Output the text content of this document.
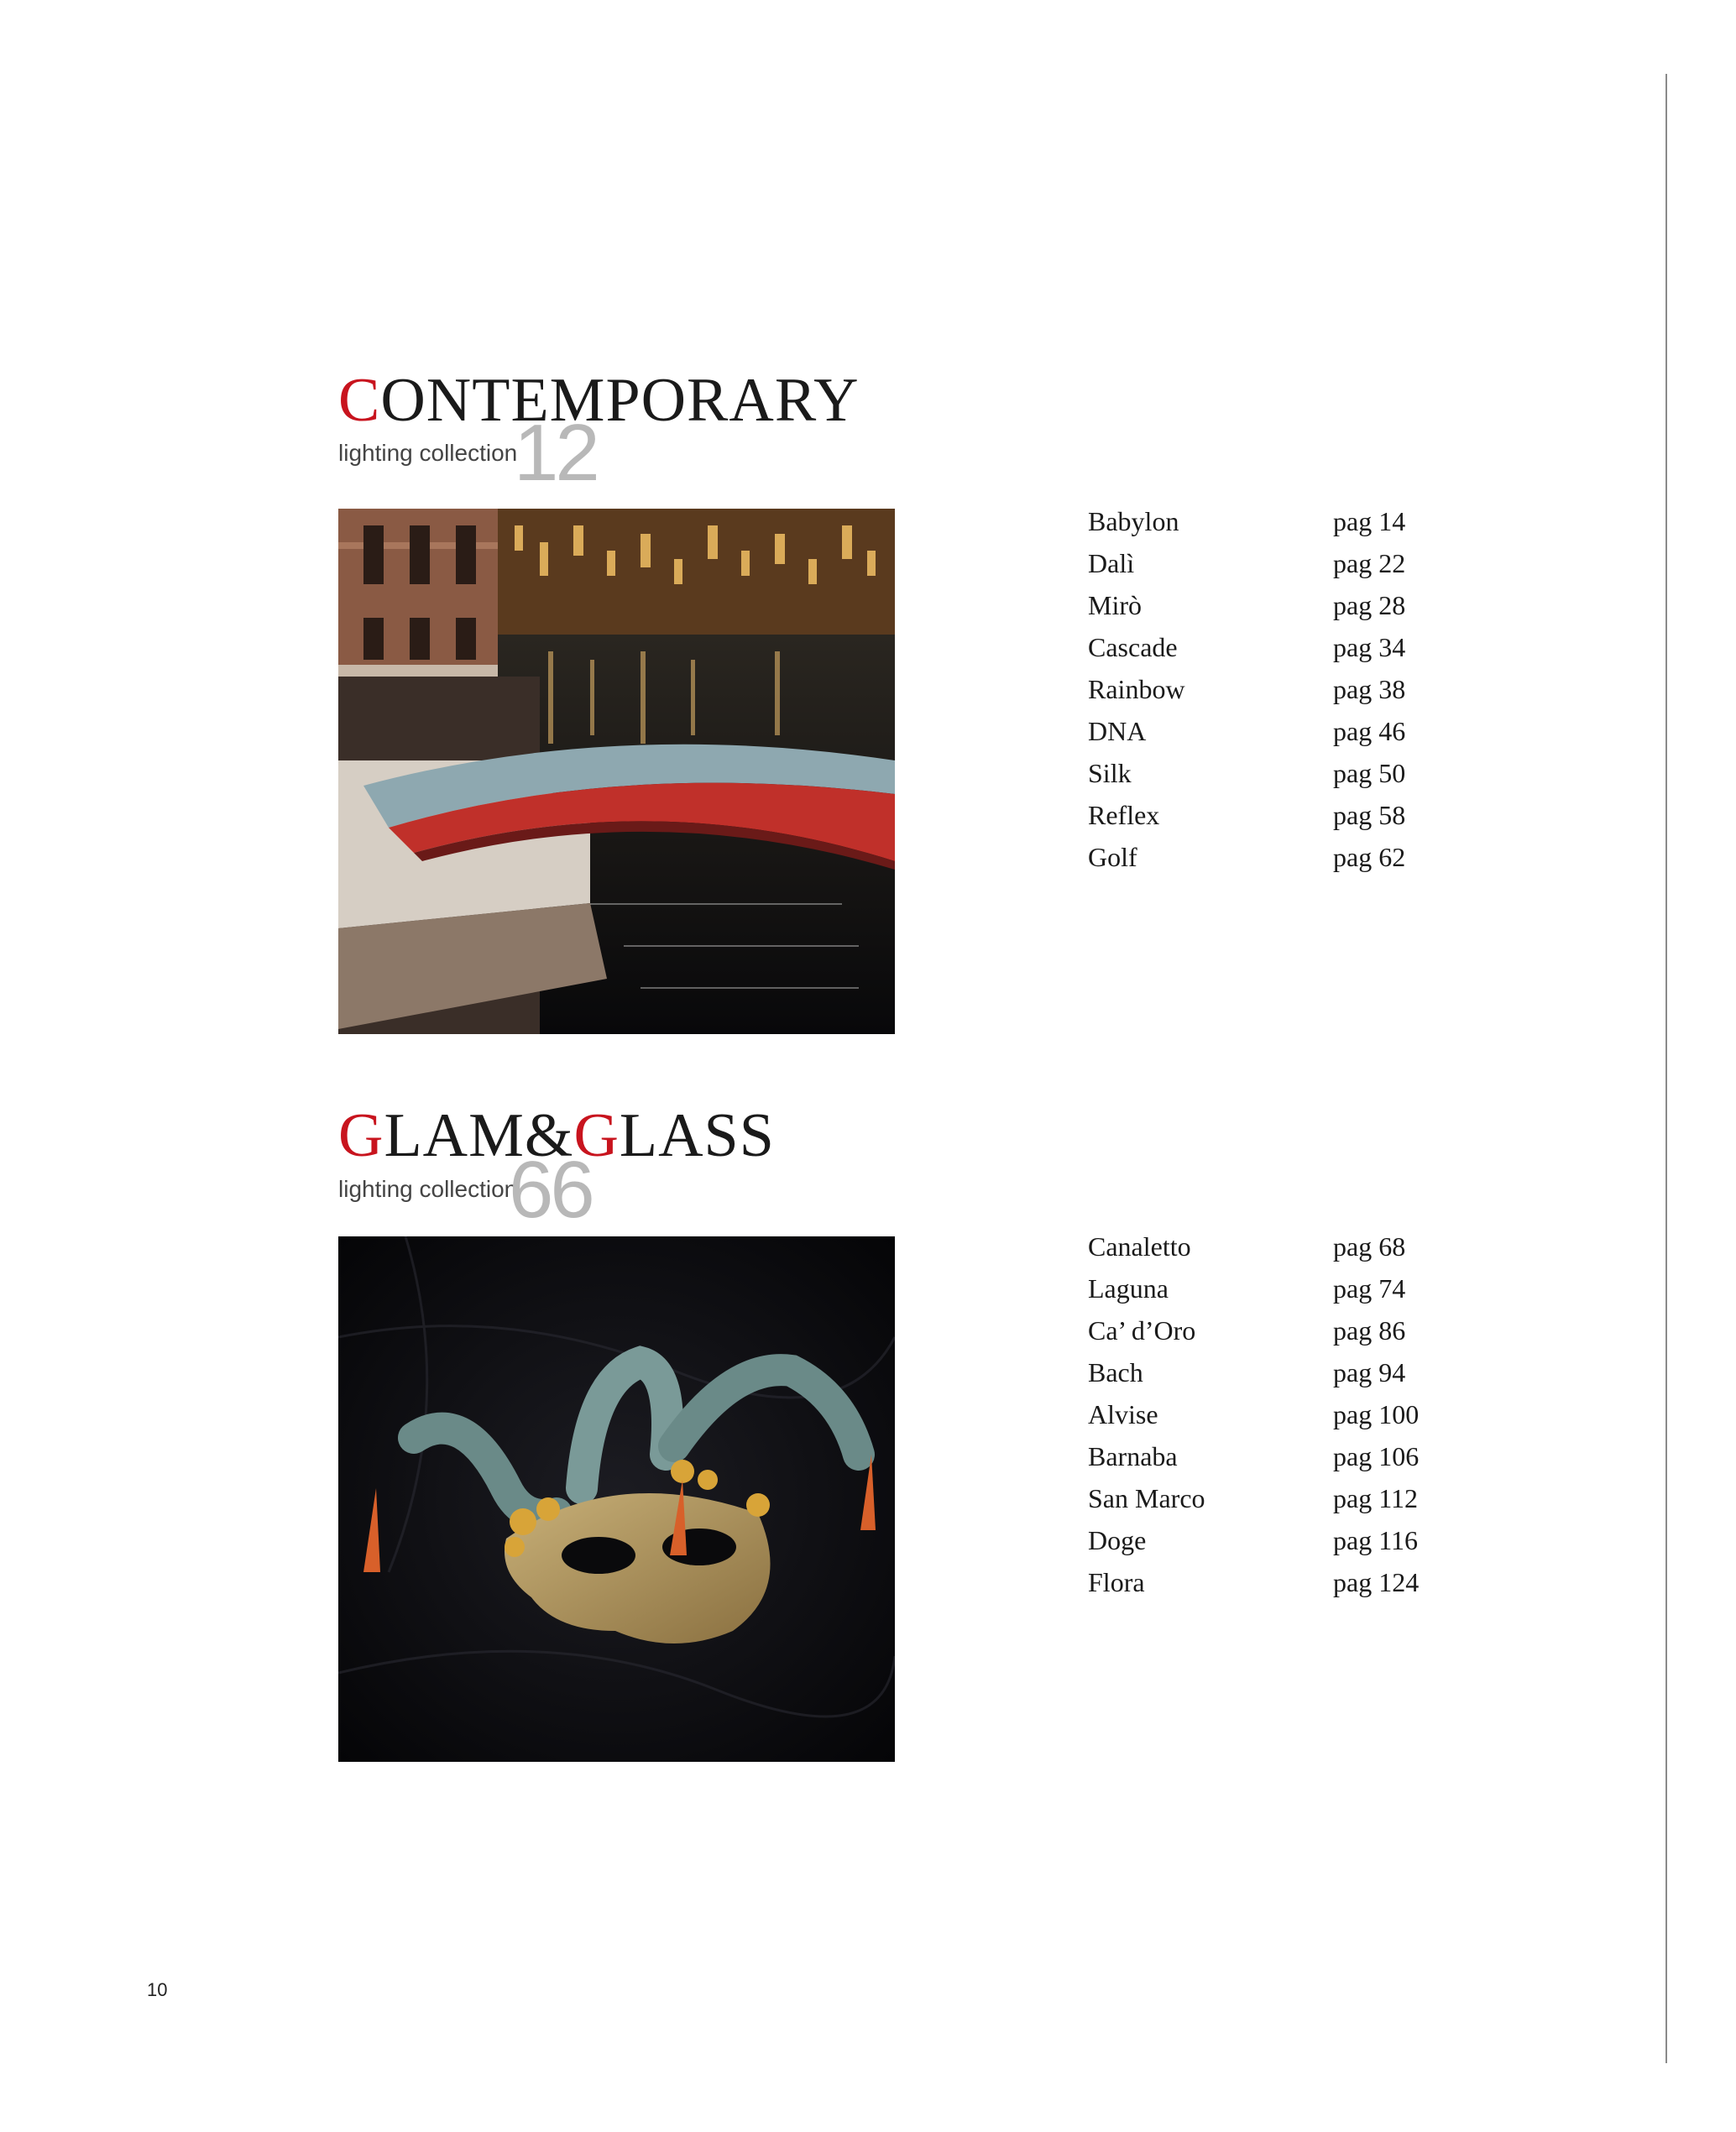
CONTEMPORARY
lighting collection
12
Babylon	pag 14
Dalì	pag 22
Mirò	pag 28
Cascade	pag 34
Rainbow	pag 38
DNA	pag 46
Silk	pag 50
Reflex	pag 58
Golf	pag 62
GLAM&GLASS
lighting collection
66
Canaletto	pag 68
Laguna	pag 74
Ca’ d’Oro	pag 86
Bach	pag 94
Alvise	pag 100
Barnaba	pag 106
San Marco	pag 112
Doge	pag 116
Flora	pag 124
10
